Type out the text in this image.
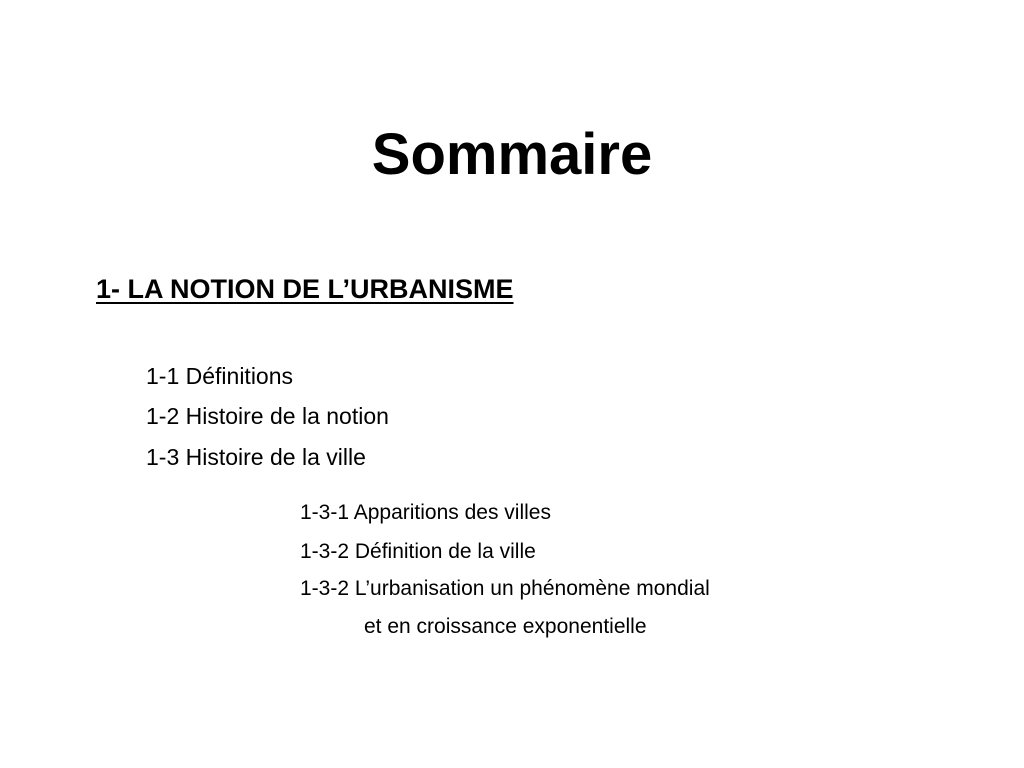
Sommaire
1- LA NOTION DE L’URBANISME
1-1 Définitions
1-2 Histoire de la notion
1-3 Histoire de la ville
1-3-1 Apparitions des villes
1-3-2 Définition de la ville
1-3-2 L’urbanisation un phénomène mondial
et en croissance exponentielle
